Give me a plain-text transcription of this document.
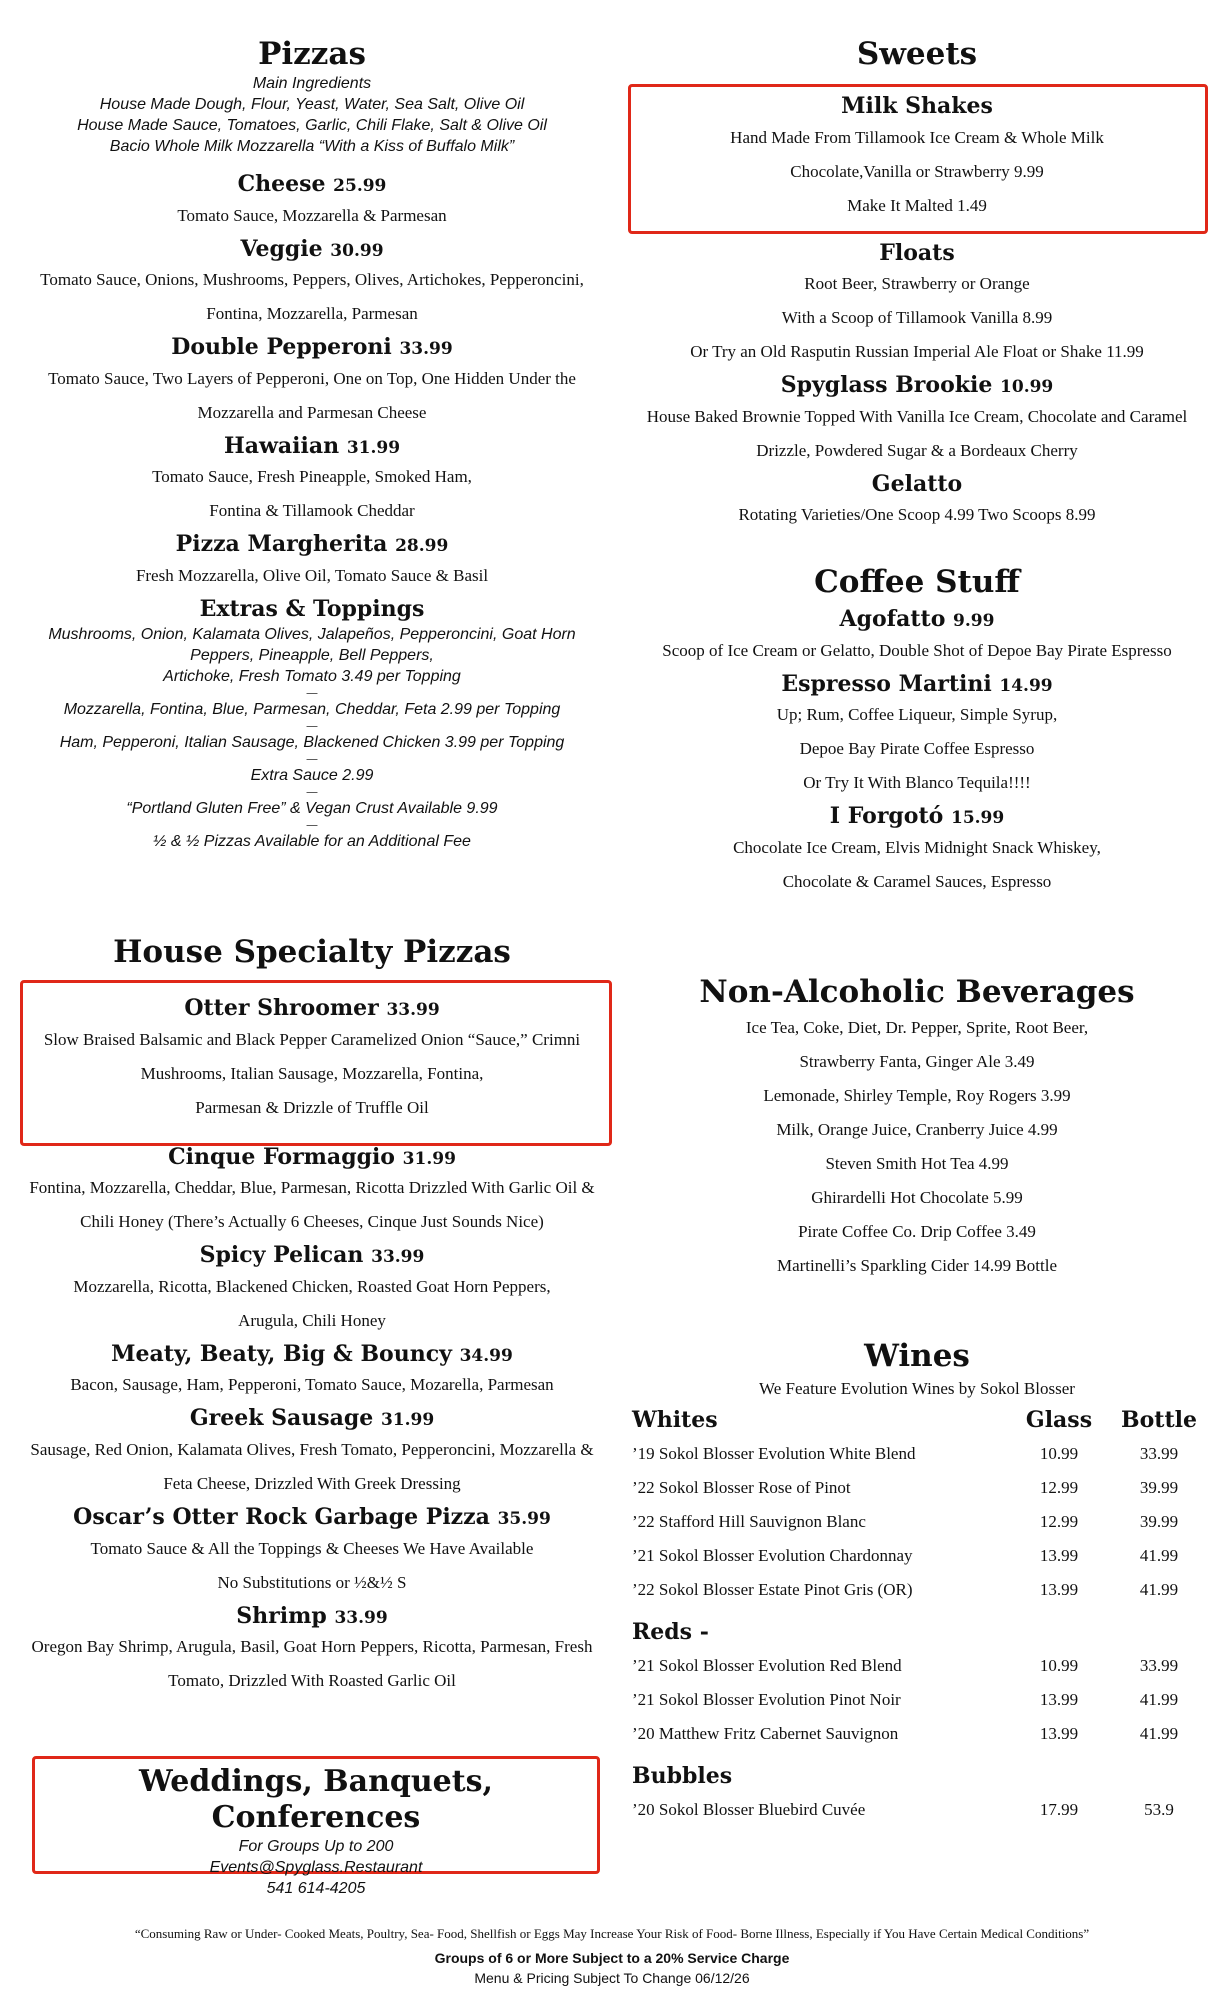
Pizzas
Main Ingredients
House Made Dough, Flour, Yeast, Water, Sea Salt, Olive Oil
House Made Sauce, Tomatoes, Garlic, Chili Flake, Salt & Olive Oil
Bacio Whole Milk Mozzarella “With a Kiss of Buffalo Milk”
Cheese 25.99
Tomato Sauce, Mozzarella & Parmesan
Veggie 30.99
Tomato Sauce, Onions, Mushrooms, Peppers, Olives, Artichokes, Pepperoncini,
Fontina, Mozzarella, Parmesan
Double Pepperoni 33.99
Tomato Sauce, Two Layers of Pepperoni, One on Top, One Hidden Under the
Mozzarella and Parmesan Cheese
Hawaiian 31.99
Tomato Sauce, Fresh Pineapple, Smoked Ham,
Fontina & Tillamook Cheddar
Pizza Margherita 28.99
Fresh Mozzarella, Olive Oil, Tomato Sauce & Basil
Extras & Toppings
Mushrooms, Onion, Kalamata Olives, Jalapeños, Pepperoncini, Goat Horn
Peppers, Pineapple, Bell Peppers,
Artichoke, Fresh Tomato 3.49 per Topping
—
Mozzarella, Fontina, Blue, Parmesan, Cheddar, Feta 2.99 per Topping
—
Ham, Pepperoni, Italian Sausage, Blackened Chicken 3.99 per Topping
—
Extra Sauce 2.99
—
“Portland Gluten Free” & Vegan Crust Available 9.99
—
½ & ½ Pizzas Available for an Additional Fee
House Specialty Pizzas
Otter Shroomer 33.99
Slow Braised Balsamic and Black Pepper Caramelized Onion “Sauce,” Crimni
Mushrooms, Italian Sausage, Mozzarella, Fontina,
Parmesan & Drizzle of Truffle Oil
Cinque Formaggio 31.99
Fontina, Mozzarella, Cheddar, Blue, Parmesan, Ricotta Drizzled With Garlic Oil &
Chili Honey (There’s Actually 6 Cheeses, Cinque Just Sounds Nice)
Spicy Pelican 33.99
Mozzarella, Ricotta, Blackened Chicken, Roasted Goat Horn Peppers,
Arugula, Chili Honey
Meaty, Beaty, Big & Bouncy 34.99
Bacon, Sausage, Ham, Pepperoni, Tomato Sauce, Mozarella, Parmesan
Greek Sausage 31.99
Sausage, Red Onion, Kalamata Olives, Fresh Tomato, Pepperoncini, Mozzarella &
Feta Cheese, Drizzled With Greek Dressing
Oscar’s Otter Rock Garbage Pizza 35.99
Tomato Sauce & All the Toppings & Cheeses We Have Available
No Substitutions or ½&½ S
Shrimp 33.99
Oregon Bay Shrimp, Arugula, Basil, Goat Horn Peppers, Ricotta, Parmesan, Fresh
Tomato, Drizzled With Roasted Garlic Oil
Weddings, Banquets, Conferences
For Groups Up to 200
Events@Spyglass.Restaurant
541 614-4205
Sweets
Milk Shakes
Hand Made From Tillamook Ice Cream & Whole Milk
Chocolate,Vanilla or Strawberry 9.99
Make It Malted 1.49
Floats
Root Beer, Strawberry or Orange
With a Scoop of Tillamook Vanilla 8.99
Or Try an Old Rasputin Russian Imperial Ale Float or Shake 11.99
Spyglass Brookie 10.99
House Baked Brownie Topped With Vanilla Ice Cream, Chocolate and Caramel
Drizzle, Powdered Sugar & a Bordeaux Cherry
Gelatto
Rotating Varieties/One Scoop 4.99 Two Scoops 8.99
Coffee Stuff
Agofatto 9.99
Scoop of Ice Cream or Gelatto, Double Shot of Depoe Bay Pirate Espresso
Espresso Martini 14.99
Up; Rum, Coffee Liqueur, Simple Syrup,
Depoe Bay Pirate Coffee Espresso
Or Try It With Blanco Tequila!!!!
I Forgotó 15.99
Chocolate Ice Cream, Elvis Midnight Snack Whiskey,
Chocolate & Caramel Sauces, Espresso
Non-Alcoholic Beverages
Ice Tea, Coke, Diet, Dr. Pepper, Sprite, Root Beer,
Strawberry Fanta, Ginger Ale 3.49
Lemonade, Shirley Temple, Roy Rogers 3.99
Milk, Orange Juice, Cranberry Juice 4.99
Steven Smith Hot Tea 4.99
Ghirardelli Hot Chocolate 5.99
Pirate Coffee Co. Drip Coffee 3.49
Martinelli’s Sparkling Cider 14.99 Bottle
Wines
We Feature Evolution Wines by Sokol Blosser
Whites	Glass	Bottle
’19 Sokol Blosser Evolution White Blend	10.99	33.99
’22 Sokol Blosser Rose of Pinot	12.99	39.99
’22 Stafford Hill Sauvignon Blanc	12.99	39.99
’21 Sokol Blosser Evolution Chardonnay	13.99	41.99
’22 Sokol Blosser Estate Pinot Gris (OR)	13.99	41.99
Reds -		
’21 Sokol Blosser Evolution Red Blend	10.99	33.99
’21 Sokol Blosser Evolution Pinot Noir	13.99	41.99
’20 Matthew Fritz Cabernet Sauvignon	13.99	41.99
Bubbles		
’20 Sokol Blosser Bluebird Cuvée	17.99	53.9
“Consuming Raw or Under- Cooked Meats, Poultry, Sea- Food, Shellfish or Eggs May Increase Your Risk of Food- Borne Illness, Especially if You Have Certain Medical Conditions”
Groups of 6 or More Subject to a 20% Service Charge
Menu & Pricing Subject To Change 06/12/26
